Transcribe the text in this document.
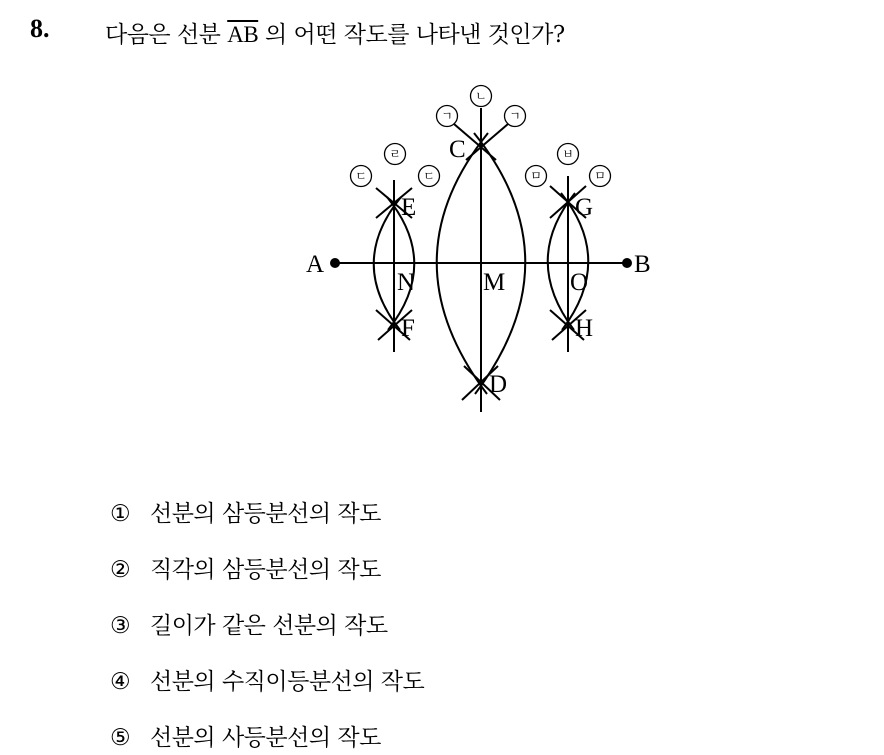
8. 다음은 선분 $\overline{AB}$ 의 어떤 작도를 나타낸 것인가?
A	B
C
D
E
F
G
H
M
N	O
ㄴ
ㄱ	ㄱ
ㄹ
ㄷ	ㄷ
ㅂ
ㅁ	ㅁ
① 선분의 삼등분선의 작도
② 직각의 삼등분선의 작도
③ 길이가 같은 선분의 작도
④ 선분의 수직이등분선의 작도
⑤ 선분의 사등분선의 작도
